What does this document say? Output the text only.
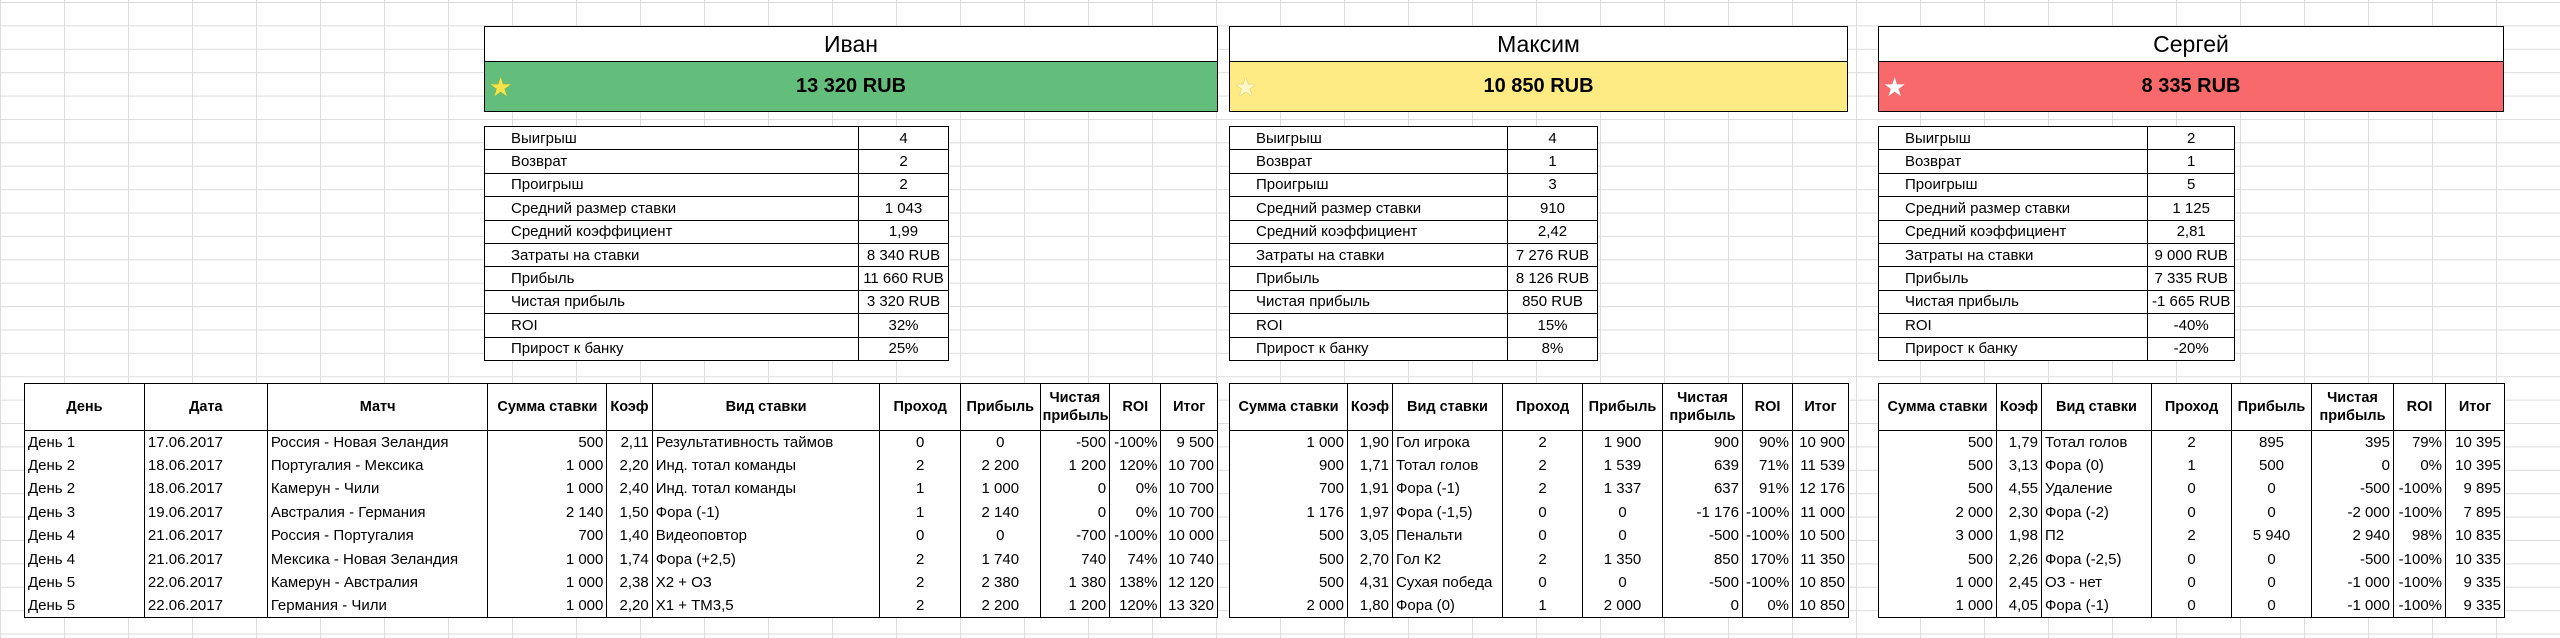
Иван
★	13 320 RUB
Максим
★	10 850 RUB
Сергей
★	8 335 RUB
Выигрыш	4
Возврат	2
Проигрыш	2
Средний размер ставки	1 043
Средний коэффициент	1,99
Затраты на ставки	8 340 RUB
Прибыль	11 660 RUB
Чистая прибыль	3 320 RUB
ROI	32%
Прирост к банку	25%
Выигрыш	4
Возврат	1
Проигрыш	3
Средний размер ставки	910
Средний коэффициент	2,42
Затраты на ставки	7 276 RUB
Прибыль	8 126 RUB
Чистая прибыль	850 RUB
ROI	15%
Прирост к банку	8%
Выигрыш	2
Возврат	1
Проигрыш	5
Средний размер ставки	1 125
Средний коэффициент	2,81
Затраты на ставки	9 000 RUB
Прибыль	7 335 RUB
Чистая прибыль	-1 665 RUB
ROI	-40%
Прирост к банку	-20%
День	Дата	Матч	Сумма ставки	Коэф	Вид ставки	Проход	Прибыль	Чистая прибыль	ROI	Итог
День 1	17.06.2017	Россия - Новая Зеландия	500	2,11	Результативность таймов	0	0	-500	-100%	9 500
День 2	18.06.2017	Португалия - Мексика	1 000	2,20	Инд. тотал команды	2	2 200	1 200	120%	10 700
День 2	18.06.2017	Камерун - Чили	1 000	2,40	Инд. тотал команды	1	1 000	0	0%	10 700
День 3	19.06.2017	Австралия - Германия	2 140	1,50	Фора (-1)	1	2 140	0	0%	10 700
День 4	21.06.2017	Россия - Португалия	700	1,40	Видеоповтор	0	0	-700	-100%	10 000
День 4	21.06.2017	Мексика - Новая Зеландия	1 000	1,74	Фора (+2,5)	2	1 740	740	74%	10 740
День 5	22.06.2017	Камерун - Австралия	1 000	2,38	Х2 + ОЗ	2	2 380	1 380	138%	12 120
День 5	22.06.2017	Германия - Чили	1 000	2,20	Х1 + ТМ3,5	2	2 200	1 200	120%	13 320
Сумма ставки	Коэф	Вид ставки	Проход	Прибыль	Чистая прибыль	ROI	Итог
1 000	1,90	Гол игрока	2	1 900	900	90%	10 900
900	1,71	Тотал голов	2	1 539	639	71%	11 539
700	1,91	Фора (-1)	2	1 337	637	91%	12 176
1 176	1,97	Фора (-1,5)	0	0	-1 176	-100%	11 000
500	3,05	Пенальти	0	0	-500	-100%	10 500
500	2,70	Гол К2	2	1 350	850	170%	11 350
500	4,31	Сухая победа	0	0	-500	-100%	10 850
2 000	1,80	Фора (0)	1	2 000	0	0%	10 850
Сумма ставки	Коэф	Вид ставки	Проход	Прибыль	Чистая прибыль	ROI	Итог
500	1,79	Тотал голов	2	895	395	79%	10 395
500	3,13	Фора (0)	1	500	0	0%	10 395
500	4,55	Удаление	0	0	-500	-100%	9 895
2 000	2,30	Фора (-2)	0	0	-2 000	-100%	7 895
3 000	1,98	П2	2	5 940	2 940	98%	10 835
500	2,26	Фора (-2,5)	0	0	-500	-100%	10 335
1 000	2,45	ОЗ - нет	0	0	-1 000	-100%	9 335
1 000	4,05	Фора (-1)	0	0	-1 000	-100%	9 335
